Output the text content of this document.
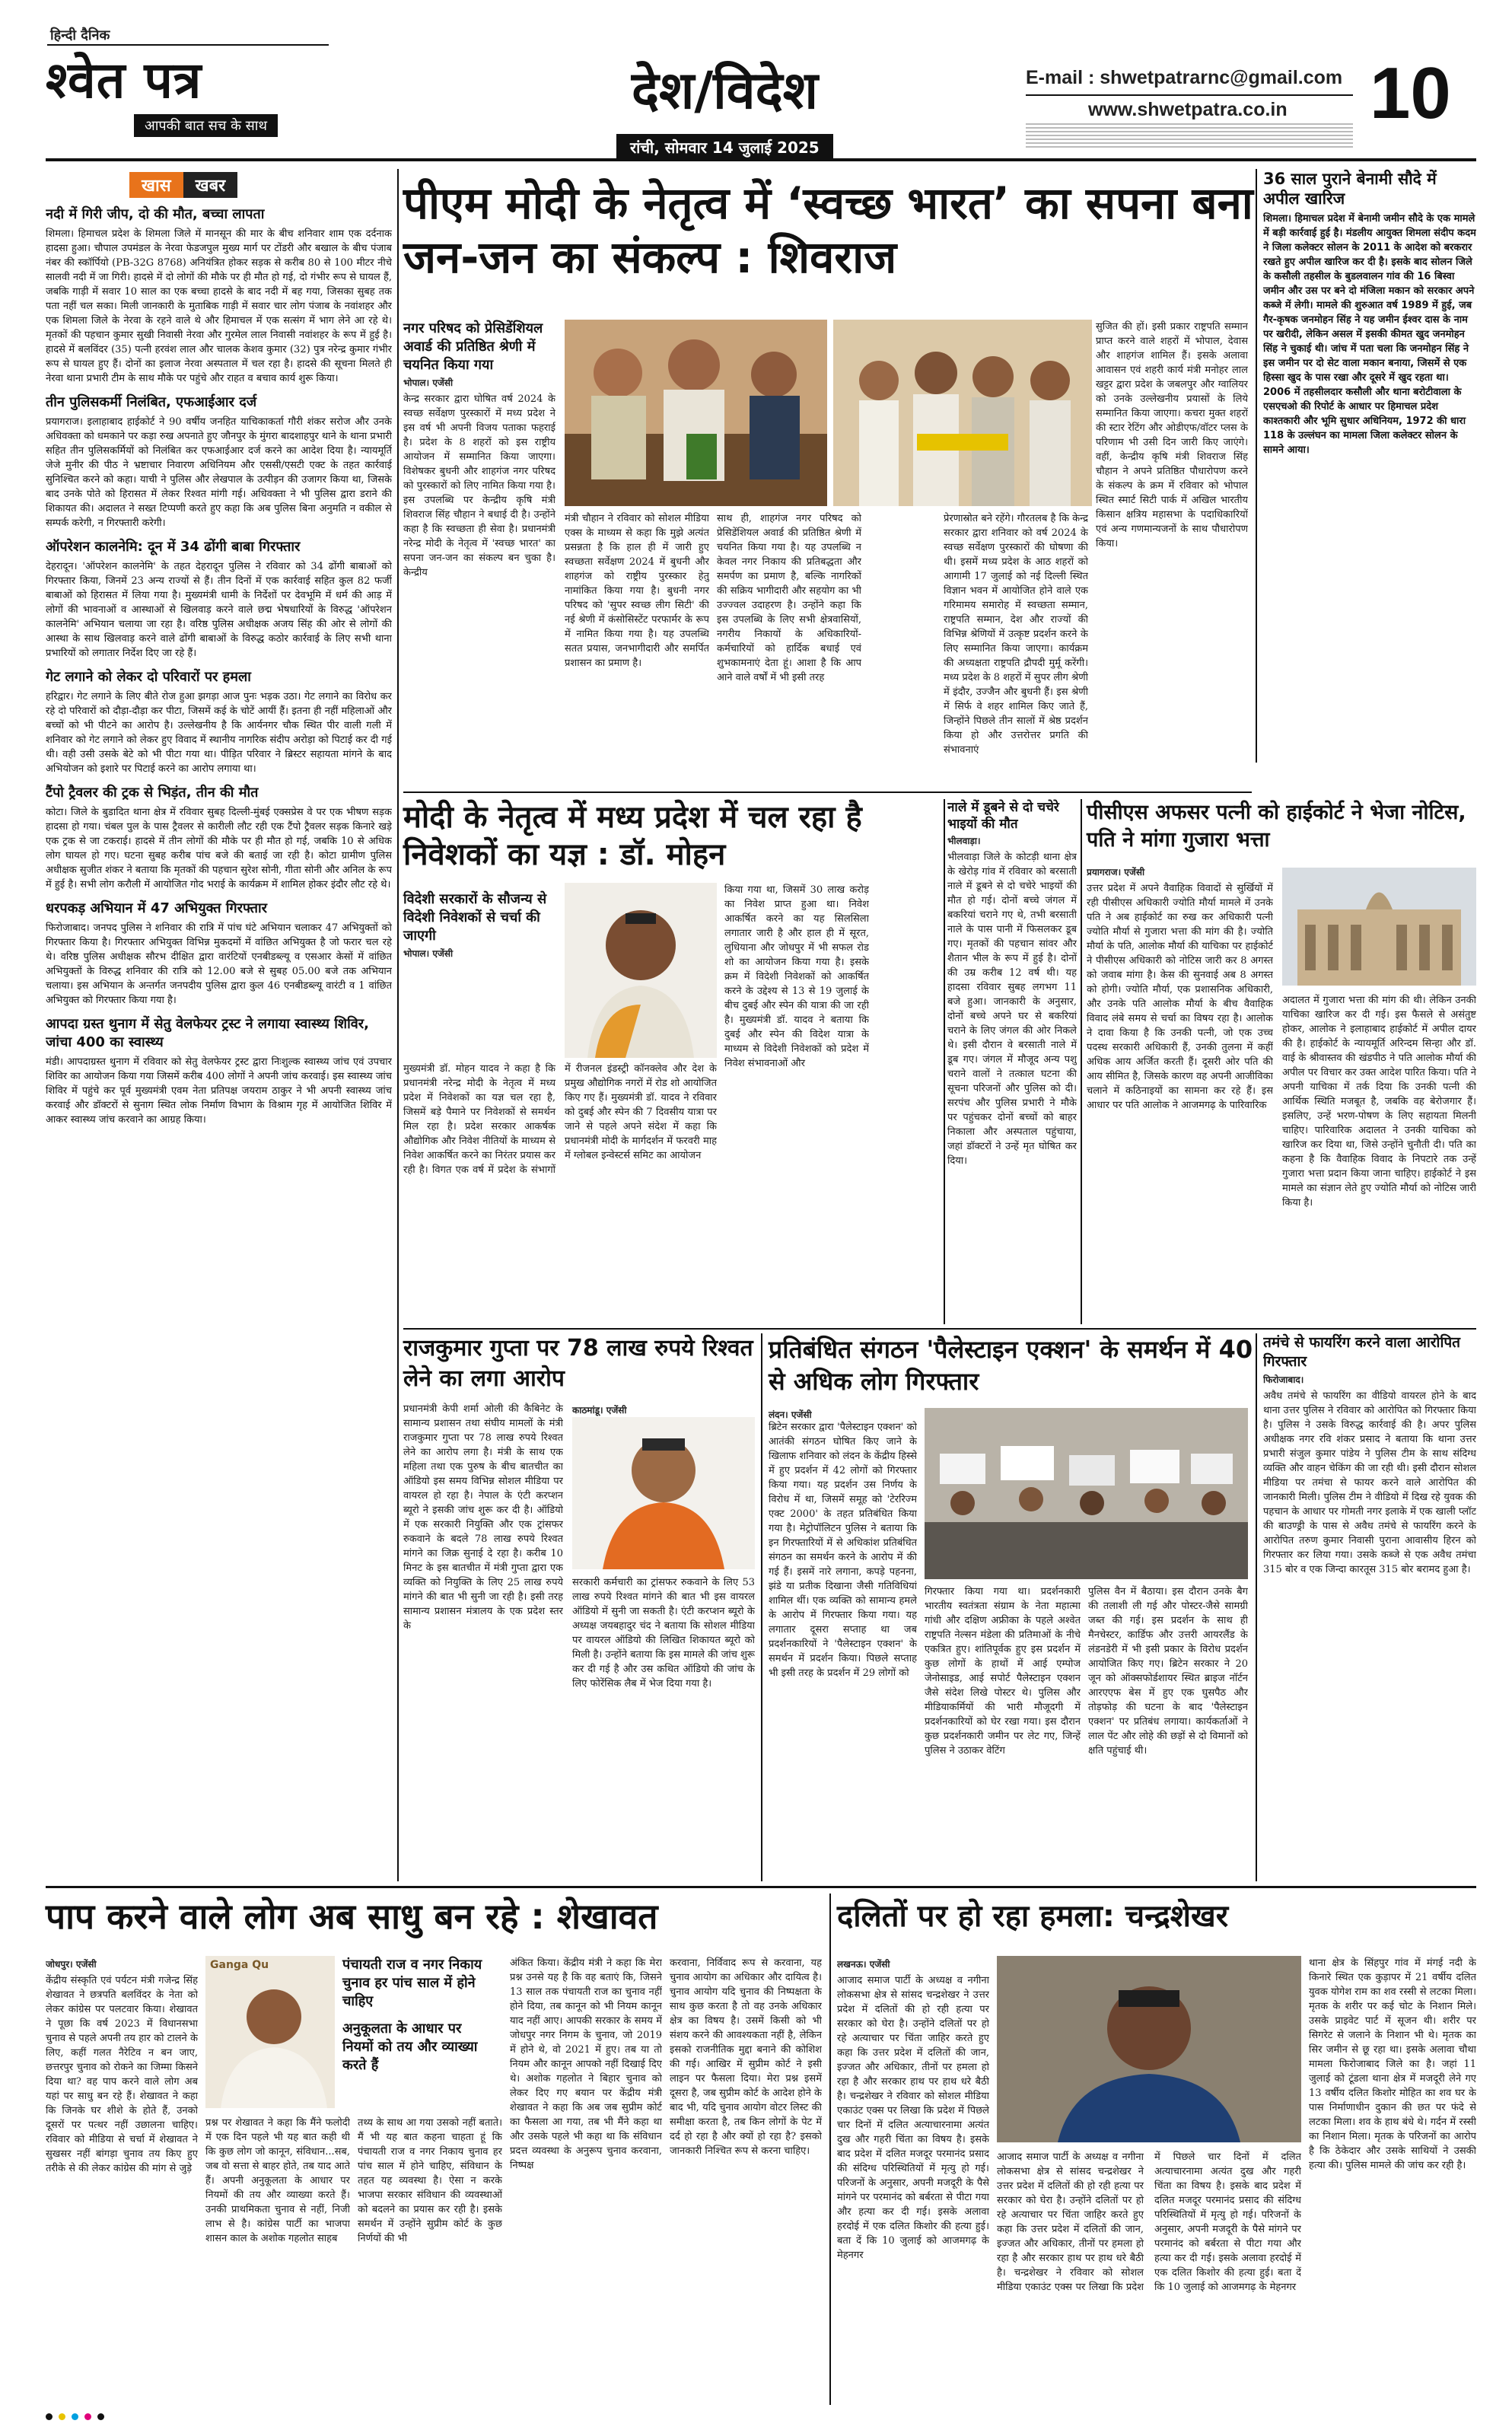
हिन्दी दैनिक
श्वेत पत्र
आपकी बात सच के साथ
देश/विदेश
रांची, सोमवार 14 जुलाई 2025
E-mail : shwetpatrarnc@gmail.com
www.shwetpatra.co.in 10
खास	खबर
नदी में गिरी जीप, दो की मौत, बच्चा लापता
शिमला। हिमाचल प्रदेश के शिमला जिले में मानसून की मार के बीच शनिवार शाम एक दर्दनाक हादसा हुआ। चौपाल उपमंडल के नेरवा फेडजपुल मुख्य मार्ग पर टोंडरी और बखाल के बीच पंजाब नंबर की स्कॉर्पियो (PB-32G 8768) अनियंत्रित होकर सड़क से करीब 80 से 100 मीटर नीचे सालवी नदी में जा गिरी। हादसे में दो लोगों की मौके पर ही मौत हो गई, दो गंभीर रूप से घायल हैं, जबकि गाड़ी में सवार 10 साल का एक बच्चा हादसे के बाद नदी में बह गया, जिसका सुबह तक पता नहीं चल सका। मिली जानकारी के मुताबिक गाड़ी में सवार चार लोग पंजाब के नवांशहर और एक शिमला जिले के नेरवा के रहने वाले थे और हिमाचल में एक सत्संग में भाग लेने आ रहे थे। मृतकों की पहचान कुमार सुखी निवासी नेरवा और गुरमेल लाल निवासी नवांशहर के रूप में हुई है। हादसे में बलविंदर (35) पत्नी हरवंश लाल और चालक केशव कुमार (32) पुत्र नरेन्द्र कुमार गंभीर रूप से घायल हुए हैं। दोनों का इलाज नेरवा अस्पताल में चल रहा है। हादसे की सूचना मिलते ही नेरवा थाना प्रभारी टीम के साथ मौके पर पहुंचे और राहत व बचाव कार्य शुरू किया।
तीन पुलिसकर्मी निलंबित, एफआईआर दर्ज
प्रयागराज। इलाहाबाद हाईकोर्ट ने 90 वर्षीय जनहित याचिकाकर्ता गौरी शंकर सरोज और उनके अधिवक्ता को धमकाने पर कड़ा रुख अपनाते हुए जौनपुर के मुंगरा बादशाहपुर थाने के थाना प्रभारी सहित तीन पुलिसकर्मियों को निलंबित कर एफआईआर दर्ज करने का आदेश दिया है। न्यायमूर्ति जेजे मुनीर की पीठ ने भ्रष्टाचार निवारण अधिनियम और एससी/एसटी एक्ट के तहत कार्रवाई सुनिश्चित करने को कहा। याची ने पुलिस और लेखपाल के उत्पीड़न की उजागर किया था, जिसके बाद उनके पोते को हिरासत में लेकर रिश्वत मांगी गई। अधिवक्ता ने भी पुलिस द्वारा डराने की शिकायत की। अदालत ने सख्त टिप्पणी करते हुए कहा कि अब पुलिस बिना अनुमति न वकील से सम्पर्क करेगी, न गिरफ्तारी करेगी।
ऑपरेशन कालनेमि: दून में 34 ढोंगी बाबा गिरफ्तार
देहरादून। 'ऑपरेशन कालनेमि' के तहत देहरादून पुलिस ने रविवार को 34 ढोंगी बाबाओं को गिरफ्तार किया, जिनमें 23 अन्य राज्यों से हैं। तीन दिनों में एक कार्रवाई सहित कुल 82 फर्जी बाबाओं को हिरासत में लिया गया है। मुख्यमंत्री धामी के निर्देशों पर देवभूमि में धर्म की आड़ में लोगों की भावनाओं व आस्थाओं से खिलवाड़ करने वाले छद्म भेषधारियों के विरुद्ध 'ऑपरेशन कालनेमि' अभियान चलाया जा रहा है। वरिष्ठ पुलिस अधीक्षक अजय सिंह की ओर से लोगों की आस्था के साथ खिलवाड़ करने वाले ढोंगी बाबाओं के विरुद्ध कठोर कार्रवाई के लिए सभी थाना प्रभारियों को लगातार निर्देश दिए जा रहे हैं।
गेट लगाने को लेकर दो परिवारों पर हमला
हरिद्वार। गेट लगाने के लिए बीते रोज हुआ झगड़ा आज पुनः भड़क उठा। गेट लगाने का विरोध कर रहे दो परिवारों को दौड़ा-दौड़ा कर पीटा, जिसमें कई के चोटें आयीं हैं। इतना ही नहीं महिलाओं और बच्चों को भी पीटने का आरोप है। उल्लेखनीय है कि आर्यनगर चौक स्थित पीर वाली गली में शनिवार को गेट लगाने को लेकर हुए विवाद में स्थानीय नागरिक संदीप अरोड़ा को पिटाई कर दी गई थी। वही उसी उसके बेटे को भी पीटा गया था। पीड़ित परिवार ने ब्रिस्टर सहायता मांगने के बाद अभियोजन को इशारे पर पिटाई करने का आरोप लगाया था।
टैंपो ट्रैवलर की ट्रक से भिड़ंत, तीन की मौत
कोटा। जिले के बुडादित थाना क्षेत्र में रविवार सुबह दिल्ली-मुंबई एक्सप्रेस वे पर एक भीषण सड़क हादसा हो गया। चंबल पुल के पास ट्रैवलर से कारीली लौट रही एक टैंपो ट्रैवलर सड़क किनारे खड़े एक ट्रक से जा टकराई। हादसे में तीन लोगों की मौके पर ही मौत हो गई, जबकि 10 से अधिक लोग घायल हो गए। घटना सुबह करीब पांच बजे की बताई जा रही है। कोटा ग्रामीण पुलिस अधीक्षक सुजीत शंकर ने बताया कि मृतकों की पहचान सुरेश सोनी, गीता सोनी और अनिल के रूप में हुई है। सभी लोग करौली में आयोजित गोद भराई के कार्यक्रम में शामिल होकर इंदौर लौट रहे थे।
धरपकड़ अभियान में 47 अभियुक्त गिरफ्तार
फिरोजाबाद। जनपद पुलिस ने शनिवार की रात्रि में पांच घंटे अभियान चलाकर 47 अभियुक्तों को गिरफ्तार किया है। गिरफ्तार अभियुक्त विभिन्न मुकदमों में वांछित अभियुक्त है जो फरार चल रहे थे। वरिष्ठ पुलिस अधीक्षक सौरभ दीक्षित द्वारा वारंटियों एनबीडब्ल्यू व एसआर केसों में वांछित अभियुक्तों के विरुद्ध शनिवार की रात्रि को 12.00 बजे से सुबह 05.00 बजे तक अभियान चलाया। इस अभियान के अन्तर्गत जनपदीय पुलिस द्वारा कुल 46 एनबीडब्ल्यू वारंटी व 1 वांछित अभियुक्त को गिरफ्तार किया गया है।
आपदा ग्रस्त थुनाग में सेतु वेलफेयर ट्रस्ट ने लगाया स्वास्थ्य शिविर, जांचा 400 का स्वास्थ्य
मंडी। आपदाग्रस्त थुनाग में रविवार को सेतु वेलफेयर ट्रस्ट द्वारा निःशुल्क स्वास्थ्य जांच एवं उपचार शिविर का आयोजन किया गया जिसमें करीब 400 लोगों ने अपनी जांच करवाई। इस स्वास्थ्य जांच शिविर में पहुंचे कर पूर्व मुख्यमंत्री एवम नेता प्रतिपक्ष जयराम ठाकुर ने भी अपनी स्वास्थ्य जांच करवाई और डॉक्टरों से सुनाग स्थित लोक निर्माण विभाग के विश्राम गृह में आयोजित शिविर में आकर स्वास्थ्य जांच करवाने का आग्रह किया।
पीएम मोदी के नेतृत्व में ‘स्वच्छ भारत’ का सपना बना जन-जन का संकल्प : शिवराज
नगर परिषद को प्रेसिडेंशियल अवार्ड की प्रतिष्ठित श्रेणी में चयनित किया गया
भोपाल। एजेंसी
केन्द्र सरकार द्वारा घोषित वर्ष 2024 के स्वच्छ सर्वेक्षण पुरस्कारों में मध्य प्रदेश ने इस वर्ष भी अपनी विजय पताका फहराई है। प्रदेश के 8 शहरों को इस राष्ट्रीय आयोजन में सम्मानित किया जाएगा। विशेषकर बुधनी और शाहगंज नगर परिषद को पुरस्कारों को लिए नामित किया गया है। इस उपलब्धि पर केन्द्रीय कृषि मंत्री शिवराज सिंह चौहान ने बधाई दी है। उन्होंने कहा है कि स्वच्छता ही सेवा है। प्रधानमंत्री नरेन्द्र मोदी के नेतृत्व में 'स्वच्छ भारत' का सपना जन-जन का संकल्प बन चुका है। केन्द्रीय
मंत्री चौहान ने रविवार को सोशल मीडिया एक्स के माध्यम से कहा कि मुझे अत्यंत प्रसन्नता है कि हाल ही में जारी हुए स्वच्छता सर्वेक्षण 2024 में बुधनी और शाहगंज को राष्ट्रीय पुरस्कार हेतु नामांकित किया गया है। बुधनी नगर परिषद को 'सुपर स्वच्छ लीग सिटी' की नई श्रेणी में कंसोसिस्टेंट परफार्मर के रूप में नामित किया गया है। यह उपलब्धि सतत प्रयास, जनभागीदारी और समर्पित प्रशासन का प्रमाण है।
साथ ही, शाहगंज नगर परिषद को प्रेसिडेंशियल अवार्ड की प्रतिष्ठित श्रेणी में चयनित किया गया है। यह उपलब्धि न केवल नगर निकाय की प्रतिबद्धता और समर्पण का प्रमाण है, बल्कि नागरिकों की सक्रिय भागीदारी और सहयोग का भी उज्ज्वल उदाहरण है। उन्होंने कहा कि इस उपलब्धि के लिए सभी क्षेत्रवासियों, नगरीय निकायों के अधिकारियों-कर्मचारियों को हार्दिक बधाई एवं शुभकामनाएं देता हूं। आशा है कि आप आने वाले वर्षों में भी इसी तरह
प्रेरणास्रोत बने रहेंगे। गौरतलब है कि केन्द्र सरकार द्वारा शनिवार को वर्ष 2024 के स्वच्छ सर्वेक्षण पुरस्कारों की घोषणा की थी। इसमें मध्य प्रदेश के आठ शहरों को आगामी 17 जुलाई को नई दिल्ली स्थित विज्ञान भवन में आयोजित होने वाले एक गरिमामय समारोह में स्वच्छता सम्मान, राष्ट्रपति सम्मान, देश और राज्यों की विभिन्न श्रेणियों में उत्कृष्ट प्रदर्शन करने के लिए सम्मानित किया जाएगा। कार्यक्रम की अध्यक्षता राष्ट्रपति द्रौपदी मुर्मू करेंगी। मध्य प्रदेश के 8 शहरों में सुपर लीग श्रेणी में इंदौर, उज्जैन और बुधनी हैं। इस श्रेणी में सिर्फ वे शहर शामिल किए जाते हैं, जिन्होंने पिछले तीन सालों में श्रेष्ठ प्रदर्शन किया हो और उत्तरोत्तर प्रगति की संभावनाएं
सुजित की हों। इसी प्रकार राष्ट्रपति सम्मान प्राप्त करने वाले शहरों में भोपाल, देवास और शाहगंज शामिल हैं। इसके अलावा आवासन एवं शहरी कार्य मंत्री मनोहर लाल खट्टर द्वारा प्रदेश के जबलपुर और ग्वालियर को उनके उल्लेखनीय प्रयासों के लिये सम्मानित किया जाएगा। कचरा मुक्त शहरों की स्टार रेटिंग और ओडीएफ/वॉटर प्लस के परिणाम भी उसी दिन जारी किए जाएंगे। वहीं, केन्द्रीय कृषि मंत्री शिवराज सिंह चौहान ने अपने प्रतिष्ठित पौधारोपण करने के संकल्प के क्रम में रविवार को भोपाल स्थित स्मार्ट सिटी पार्क में अखिल भारतीय किसान क्षत्रिय महासभा के पदाधिकारियों एवं अन्य गणमान्यजनों के साथ पौधारोपण किया।
36 साल पुराने बेनामी सौदे में अपील खारिज
शिमला। हिमाचल प्रदेश में बेनामी जमीन सौदे के एक मामले में बड़ी कार्रवाई हुई है। मंडलीय आयुक्त शिमला संदीप कदम ने जिला कलेक्टर सोलन के 2011 के आदेश को बरकरार रखते हुए अपील खारिज कर दी है। इसके बाद सोलन जिले के कसौली तहसील के बुडलवालन गांव की 16 बिस्वा जमीन और उस पर बने दो मंजिला मकान को सरकार अपने कब्जे में लेगी। मामले की शुरुआत वर्ष 1989 में हुई, जब गैर-कृषक जनमोहन सिंह ने यह जमीन ईश्वर दास के नाम पर खरीदी, लेकिन असल में इसकी कीमत खुद जनमोहन सिंह ने चुकाई थी। जांच में पता चला कि जनमोहन सिंह ने इस जमीन पर दो सेट वाला मकान बनाया, जिसमें से एक हिस्सा खुद के पास रखा और दूसरे में खुद रहता था। 2006 में तहसीलदार कसौली और थाना बरोटीवाला के एसएचओ की रिपोर्ट के आधार पर हिमाचल प्रदेश काश्तकारी और भूमि सुधार अधिनियम, 1972 की धारा 118 के उल्लंघन का मामला जिला कलेक्टर सोलन के सामने आया।
मोदी के नेतृत्व में मध्य प्रदेश में चल रहा है निवेशकों का यज्ञ : डॉ. मोहन
विदेशी सरकारों के सौजन्य से विदेशी निवेशकों से चर्चा की जाएगी
भोपाल। एजेंसी
मुख्यमंत्री डॉ. मोहन यादव ने कहा है कि प्रधानमंत्री नरेन्द्र मोदी के नेतृत्व में मध्य प्रदेश में निवेशकों का यज्ञ चल रहा है, जिसमें बड़े पैमाने पर निवेशकों से समर्थन मिल रहा है। प्रदेश सरकार आकर्षक औद्योगिक और निवेश नीतियों के माध्यम से निवेश आकर्षित करने का निरंतर प्रयास कर रही है। विगत एक वर्ष में प्रदेश के संभागों में रीजनल इंडस्ट्री कॉनक्लेव और देश के प्रमुख औद्योगिक नगरों में रोड शो आयोजित किए गए हैं। मुख्यमंत्री डॉ. यादव ने रविवार को दुबई और स्पेन की 7 दिवसीय यात्रा पर जाने से पहले अपने संदेश में कहा कि प्रधानमंत्री मोदी के मार्गदर्शन में फरवरी माह में ग्लोबल इन्वेस्टर्स समिट का आयोजन
किया गया था, जिसमें 30 लाख करोड़ का निवेश प्राप्त हुआ था। निवेश आकर्षित करने का यह सिलसिला लगातार जारी है और हाल ही में सूरत, लुधियाना और जोधपुर में भी सफल रोड शो का आयोजन किया गया है। इसके क्रम में विदेशी निवेशकों को आकर्षित करने के उद्देश्य से 13 से 19 जुलाई के बीच दुबई और स्पेन की यात्रा की जा रही है। मुख्यमंत्री डॉ. यादव ने बताया कि दुबई और स्पेन की विदेश यात्रा के माध्यम से विदेशी निवेशकों को प्रदेश में निवेश संभावनाओं और
नाले में डूबने से दो चचेरे भाइयों की मौत
भीलवाड़ा।
भीलवाड़ा जिले के कोटड़ी थाना क्षेत्र के खेरोड़ गांव में रविवार को बरसाती नाले में डूबने से दो चचेरे भाइयों की मौत हो गई। दोनों बच्चे जंगल में बकरियां चराने गए थे, तभी बरसाती नाले के पास पानी में फिसलकर डूब गए। मृतकों की पहचान सांवर और शैतान भील के रूप में हुई है। दोनों की उम्र करीब 12 वर्ष थी। यह हादसा रविवार सुबह लगभग 11 बजे हुआ। जानकारी के अनुसार, दोनों बच्चे अपने घर से बकरियां चराने के लिए जंगल की ओर निकले थे। इसी दौरान वे बरसाती नाले में डूब गए। जंगल में मौजूद अन्य पशु चराने वालों ने तत्काल घटना की सूचना परिजनों और पुलिस को दी। सरपंच और पुलिस प्रभारी ने मौके पर पहुंचकर दोनों बच्चों को बाहर निकाला और अस्पताल पहुंचाया, जहां डॉक्टरों ने उन्हें मृत घोषित कर दिया।
पीसीएस अफसर पत्नी को हाईकोर्ट ने भेजा नोटिस, पति ने मांगा गुजारा भत्ता
प्रयागराज। एजेंसी
उत्तर प्रदेश में अपने वैवाहिक विवादों से सुर्खियों में रही पीसीएस अधिकारी ज्योति मौर्या मामले में उनके पति ने अब हाईकोर्ट का रुख कर अधिकारी पत्नी ज्योति मौर्या से गुजारा भत्ता की मांग की है। ज्योति मौर्या के पति, आलोक मौर्या की याचिका पर हाईकोर्ट ने पीसीएस अधिकारी को नोटिस जारी कर 8 अगस्त को जवाब मांगा है। केस की सुनवाई अब 8 अगस्त को होगी। ज्योति मौर्या, एक प्रशासनिक अधिकारी, और उनके पति आलोक मौर्या के बीच वैवाहिक विवाद लंबे समय से चर्चा का विषय रहा है। आलोक ने दावा किया है कि उनकी पत्नी, जो एक उच्च पदस्थ सरकारी अधिकारी हैं, उनकी तुलना में कहीं अधिक आय अर्जित करती हैं। दूसरी ओर पति की आय सीमित है, जिसके कारण वह अपनी आजीविका चलाने में कठिनाइयों का सामना कर रहे हैं। इस आधार पर पति आलोक ने आजमगढ़ के पारिवारिक
अदालत में गुजारा भत्ता की मांग की थी। लेकिन उनकी याचिका खारिज कर दी गई। इस फैसले से असंतुष्ट होकर, आलोक ने इलाहाबाद हाईकोर्ट में अपील दायर की है। हाईकोर्ट के न्यायमूर्ति अरिन्दम सिन्हा और डॉ. वाई के श्रीवास्तव की खंडपीठ ने पति आलोक मौर्या की अपील पर विचार कर उक्त आदेश पारित किया। पति ने अपनी याचिका में तर्क दिया कि उनकी पत्नी की आर्थिक स्थिति मजबूत है, जबकि वह बेरोजगार हैं। इसलिए, उन्हें भरण-पोषण के लिए सहायता मिलनी चाहिए। पारिवारिक अदालत ने उनकी याचिका को खारिज कर दिया था, जिसे उन्होंने चुनौती दी। पति का कहना है कि वैवाहिक विवाद के निपटारे तक उन्हें गुजारा भत्ता प्रदान किया जाना चाहिए। हाईकोर्ट ने इस मामले का संज्ञान लेते हुए ज्योति मौर्या को नोटिस जारी किया है।
राजकुमार गुप्ता पर 78 लाख रुपये रिश्वत लेने का लगा आरोप
काठमांडू। एजेंसी
प्रधानमंत्री केपी शर्मा ओली की कैबिनेट के सामान्य प्रशासन तथा संघीय मामलों के मंत्री राजकुमार गुप्ता पर 78 लाख रुपये रिश्वत लेने का आरोप लगा है। मंत्री के साथ एक महिला तथा एक पुरुष के बीच बातचीत का ऑडियो इस समय विभिन्न सोशल मीडिया पर वायरल हो रहा है। नेपाल के एंटी करप्शन ब्यूरो ने इसकी जांच शुरू कर दी है। ऑडियो में एक सरकारी नियुक्ति और एक ट्रांसफर रुकवाने के बदले 78 लाख रुपये रिश्वत मांगने का जिक्र सुनाई दे रहा है। करीब 10 मिनट के इस बातचीत में मंत्री गुप्ता द्वारा एक व्यक्ति को नियुक्ति के लिए 25 लाख रुपये मांगने की बात भी सुनी जा रही है। इसी तरह सामान्य प्रशासन मंत्रालय के एक प्रदेश स्तर के
सरकारी कर्मचारी का ट्रांसफर रुकवाने के लिए 53 लाख रुपये रिश्वत मांगने की बात भी इस वायरल ऑडियो में सुनी जा सकती है। एंटी करप्शन ब्यूरो के अध्यक्ष जयबहादुर चंद ने बताया कि सोशल मीडिया पर वायरल ऑडियो की लिखित शिकायत ब्यूरो को मिली है। उन्होंने बताया कि इस मामले की जांच शुरू कर दी गई है और उस कथित ऑडियो की जांच के लिए फोरेंसिक लैब में भेज दिया गया है।
प्रतिबंधित संगठन 'पैलेस्टाइन एक्शन' के समर्थन में 40 से अधिक लोग गिरफ्तार
लंदन। एजेंसी
ब्रिटेन सरकार द्वारा 'पैलेस्टाइन एक्शन' को आतंकी संगठन घोषित किए जाने के खिलाफ शनिवार को लंदन के केंद्रीय हिस्से में हुए प्रदर्शन में 42 लोगों को गिरफ्तार किया गया। यह प्रदर्शन उस निर्णय के विरोध में था, जिसमें समूह को 'टेररिज्म एक्ट 2000' के तहत प्रतिबंधित किया गया है। मेट्रोपॉलिटन पुलिस ने बताया कि इन गिरफ्तारियों में से अधिकांश प्रतिबंधित संगठन का समर्थन करने के आरोप में की गई हैं। इसमें नारे लगाना, कपड़े पहनना, झंडे या प्रतीक दिखाना जैसी गतिविधियां शामिल थीं। एक व्यक्ति को सामान्य हमले के आरोप में गिरफ्तार किया गया। यह लगातार दूसरा सप्ताह था जब प्रदर्शनकारियों ने 'पैलेस्टाइन एक्शन' के समर्थन में प्रदर्शन किया। पिछले सप्ताह भी इसी तरह के प्रदर्शन में 29 लोगों को
गिरफ्तार किया गया था। प्रदर्शनकारी भारतीय स्वतंत्रता संग्राम के नेता महात्मा गांधी और दक्षिण अफ्रीका के पहले अश्वेत राष्ट्रपति नेल्सन मंडेला की प्रतिमाओं के नीचे एकत्रित हुए। शांतिपूर्वक हुए इस प्रदर्शन में कुछ लोगों के हाथों में आई एम्पोज जेनोसाइड, आई सपोर्ट पैलेस्टाइन एक्शन जैसे संदेश लिखे पोस्टर थे। पुलिस और मीडियाकर्मियों की भारी मौजूदगी में प्रदर्शनकारियों को घेर रखा गया। इस दौरान कुछ प्रदर्शनकारी जमीन पर लेट गए, जिन्हें पुलिस ने उठाकर वेटिंग
पुलिस वैन में बैठाया। इस दौरान उनके बैग की तलाशी ली गई और पोस्टर-जैसे सामग्री जब्त की गई। इस प्रदर्शन के साथ ही मैनचेस्टर, कार्डिफ और उत्तरी आयरलैंड के लंडनडेरी में भी इसी प्रकार के विरोध प्रदर्शन आयोजित किए गए। ब्रिटेन सरकार ने 20 जून को ऑक्सफोर्डशायर स्थित ब्राइज नॉर्टन आरएएफ बेस में हुए एक घुसपैठ और तोड़फोड़ की घटना के बाद 'पैलेस्टाइन एक्शन' पर प्रतिबंध लगाया। कार्यकर्ताओं ने लाल पेंट और लोहे की छड़ों से दो विमानों को क्षति पहुंचाई थी।
तमंचे से फायरिंग करने वाला आरोपित गिरफ्तार
फिरोजाबाद।
अवैध तमंचे से फायरिंग का वीडियो वायरल होने के बाद थाना उत्तर पुलिस ने रविवार को आरोपित को गिरफ्तार किया है। पुलिस ने उसके विरुद्ध कार्रवाई की है। अपर पुलिस अधीक्षक नगर रवि शंकर प्रसाद ने बताया कि थाना उत्तर प्रभारी संजुल कुमार पांडेय ने पुलिस टीम के साथ संदिग्ध व्यक्ति और वाहन चेकिंग की जा रही थी। इसी दौरान सोशल मीडिया पर तमंचा से फायर करने वाले आरोपित की जानकारी मिली। पुलिस टीम ने वीडियो में दिख रहे युवक की पहचान के आधार पर गोमती नगर इलाके में एक खाली प्लॉट की बाउण्ड्री के पास से अवैध तमंचे से फायरिंग करने के आरोपित तरुण कुमार निवासी पुराना आवासीय हिरन को गिरफ्तार कर लिया गया। उसके कब्जे से एक अवैध तमंचा 315 बोर व एक जिन्दा कारतूस 315 बोर बरामद हुआ है।
पाप करने वाले लोग अब साधु बन रहे : शेखावत
जोधपुर। एजेंसी
केंद्रीय संस्कृति एवं पर्यटन मंत्री गजेन्द्र सिंह शेखावत ने छत्रपति बलविंदर के नेता को लेकर कांग्रेस पर पलटवार किया। शेखावत ने पूछा कि वर्ष 2023 में विधानसभा चुनाव से पहले अपनी तय हार को टालने के लिए, कहीं गलत नैरेटिव न बन जाए, छत्तरपुर चुनाव को रोकने का जिम्मा किसने दिया था? वह पाप करने वाले लोग अब यहां पर साधु बन रहे हैं। शेखावत ने कहा कि जिनके घर शीशे के होते हैं, उनको दूसरों पर पत्थर नहीं उछालना चाहिए। रविवार को मीडिया से चर्चा में शेखावत ने सुखसर नहीं बांगड़ा चुनाव तय किए हुए तरीके से की लेकर कांग्रेस की मांग से जुड़े
Ganga Qu	पंचायती राज व नगर निकाय चुनाव हर पांच साल में होने चाहिए
अनुकूलता के आधार पर नियमों को तय और व्याख्या करते हैं
प्रश्न पर शेखावत ने कहा कि मैंने फलोदी में एक दिन पहले भी यह बात कही थी कि कुछ लोग जो कानून, संविधान...सब, जब वो सत्ता से बाहर होते, तब याद आते हैं। अपनी अनुकूलता के आधार पर नियमों की तय और व्याख्या करते हैं। उनकी प्राथमिकता चुनाव से नहीं, निजी लाभ से है। कांग्रेस पार्टी का भाजपा शासन काल के अशोक गहलोत साहब
तथ्य के साथ आ गया उसको नहीं बताते। मैं भी यह बात कहना चाहता हूं कि पंचायती राज व नगर निकाय चुनाव हर पांच साल में होने चाहिए, संविधान के तहत यह व्यवस्था है। ऐसा न करके भाजपा सरकार संविधान की व्यवस्थाओं को बदलने का प्रयास कर रही है। इसके समर्थन में उन्होंने सुप्रीम कोर्ट के कुछ निर्णयों की भी
अंकित किया। केंद्रीय मंत्री ने कहा कि मेरा प्रश्न उनसे यह है कि वह बताएं कि, जिसने 13 साल तक पंचायती राज का चुनाव नहीं होने दिया, तब कानून को भी नियम कानून याद नहीं आए। आपकी सरकार के समय में जोधपुर नगर निगम के चुनाव, जो 2019 में होने थे, वो 2021 में हुए। तब या तो नियम और कानून आपको नहीं दिखाई दिए थे। अशोक गहलोत ने बिहार चुनाव को लेकर दिए गए बयान पर केंद्रीय मंत्री शेखावत ने कहा कि अब जब सुप्रीम कोर्ट का फैसला आ गया, तब भी मैंने कहा था और उसके पहले भी कहा था कि संविधान प्रदत्त व्यवस्था के अनुरूप चुनाव करवाना, निष्पक्ष
करवाना, निर्विवाद रूप से करवाना, यह चुनाव आयोग का अधिकार और दायित्व है। चुनाव आयोग यदि चुनाव की निष्पक्षता के साथ कुछ करता है तो वह उनके अधिकार क्षेत्र का विषय है। उसमें किसी को भी संशय करने की आवश्यकता नहीं है, लेकिन इसको राजनीतिक मुद्दा बनाने की कोशिश की गई। आखिर में सुप्रीम कोर्ट ने इसी लाइन पर फैसला दिया। मेरा प्रश्न इसमें दूसरा है, जब सुप्रीम कोर्ट के आदेश होने के बाद भी, यदि चुनाव आयोग वोटर लिस्ट की समीक्षा करता है, तब किन लोगों के पेट में दर्द हो रहा है और क्यों हो रहा है? इसको जानकारी निश्चित रूप से करना चाहिए।
दलितों पर हो रहा हमला: चन्द्रशेखर
लखनऊ। एजेंसी
आजाद समाज पार्टी के अध्यक्ष व नगीना लोकसभा क्षेत्र से सांसद चन्द्रशेखर ने उत्तर प्रदेश में दलितों की हो रही हत्या पर सरकार को घेरा है। उन्होंने दलितों पर हो रहे अत्याचार पर चिंता जाहिर करते हुए कहा कि उत्तर प्रदेश में दलितों की जान, इज्जत और अधिकार, तीनों पर हमला हो रहा है और सरकार हाथ पर हाथ धरे बैठी है। चन्द्रशेखर ने रविवार को सोशल मीडिया एकाउंट एक्स पर लिखा कि प्रदेश में पिछले चार दिनों में दलित अत्याचारनामा अत्यंत दुख और गहरी चिंता का विषय है। इसके बाद प्रदेश में दलित मजदूर परमानंद प्रसाद की संदिग्ध परिस्थितियों में मृत्यु हो गई। परिजनों के अनुसार, अपनी मजदूरी के पैसे मांगने पर परमानंद को बर्बरता से पीटा गया और हत्या कर दी गई। इसके अलावा हरदोई में एक दलित किशोर की हत्या हुई। बता दें कि 10 जुलाई को आजमगढ़ के मेहनगर
थाना क्षेत्र के सिंहपुर गांव में मंगई नदी के किनारे स्थित एक कुड़ापर में 21 वर्षीय दलित युवक योगेश राम का शव रस्सी से लटका मिला। मृतक के शरीर पर कई चोट के निशान मिले। उसके प्राइवेट पार्ट में सूजन थी। शरीर पर सिगरेट से जलाने के निशान भी थे। मृतक का सिर जमीन से छू रहा था। इसके अलावा चौथा मामला फिरोजाबाद जिले का है। जहां 11 जुलाई को टूंडला थाना क्षेत्र में मजदूरी लेने गए 13 वर्षीय दलित किशोर मोहित का शव घर के पास निर्माणाधीन दुकान की छत पर फंदे से लटका मिला। शव के हाथ बंधे थे। गर्दन में रस्सी का निशान मिला। मृतक के परिजनों का आरोप है कि ठेकेदार और उसके साथियों ने उसकी हत्या की। पुलिस मामले की जांच कर रही है।
आजाद समाज पार्टी के अध्यक्ष व नगीना लोकसभा क्षेत्र से सांसद चन्द्रशेखर ने उत्तर प्रदेश में दलितों की हो रही हत्या पर सरकार को घेरा है। उन्होंने दलितों पर हो रहे अत्याचार पर चिंता जाहिर करते हुए कहा कि उत्तर प्रदेश में दलितों की जान, इज्जत और अधिकार, तीनों पर हमला हो रहा है और सरकार हाथ पर हाथ धरे बैठी है। चन्द्रशेखर ने रविवार को सोशल मीडिया एकाउंट एक्स पर लिखा कि प्रदेश में पिछले चार दिनों में दलित अत्याचारनामा अत्यंत दुख और गहरी चिंता का विषय है। इसके बाद प्रदेश में दलित मजदूर परमानंद प्रसाद की संदिग्ध परिस्थितियों में मृत्यु हो गई। परिजनों के अनुसार, अपनी मजदूरी के पैसे मांगने पर परमानंद को बर्बरता से पीटा गया और हत्या कर दी गई। इसके अलावा हरदोई में एक दलित किशोर की हत्या हुई। बता दें कि 10 जुलाई को आजमगढ़ के मेहनगर
